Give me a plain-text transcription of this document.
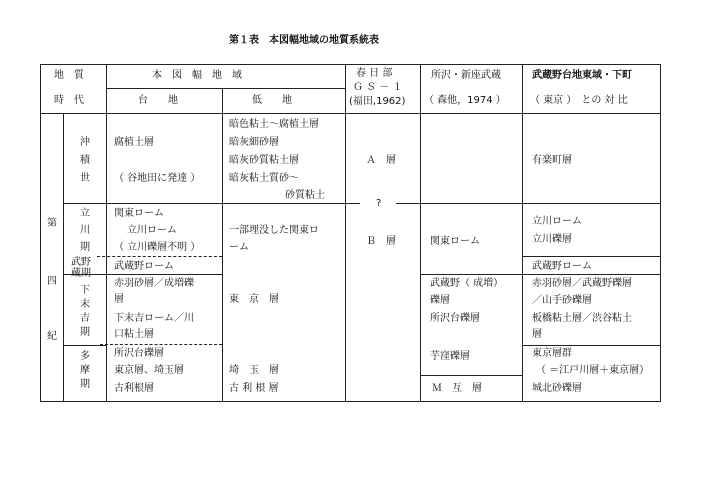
第１表　本図幅地域の地質系統表
地　質
時　代
本　図　幅　地　域
台　　地	低　　地
春 日 部
Ｇ Ｓ － １
(福田,1962)
所沢・新座武蔵
（ 森他，1974 ）
武蔵野台地東域・下町
（ 東京 ）　との 対 比
第
四
紀
沖
積
世
立
川
期
武野
蔵期
下
末
吉
期
多
摩
期
腐植土層
（ 谷地田に発達 ）
関東ローム
立川ローム
（ 立川礫層不明 ）
武蔵野ローム
赤羽砂層／成増礫
層
下末吉ローム／川
口粘土層
所沢台礫層
東京層、埼玉層
古利根層
暗色粘土～腐植土層
暗灰細砂層
暗灰砂質粘土層
暗灰粘土質砂～
砂質粘土
一部埋没した関東ロ
ーム
東　京　層
埼　玉　層
古 利 根 層
Ａ　層
?
Ｂ　層	関東ローム
武蔵野（ 成増）
礫層
所沢台礫層
芋窪礫層
Ｍ　互　層
有楽町層
立川ローム
立川礫層
武蔵野ローム
赤羽砂層／武蔵野礫層
／山手砂礫層
板橋粘土層／渋谷粘土
層
東京層群
（ ＝江戸川層＋東京層）
城北砂礫層
